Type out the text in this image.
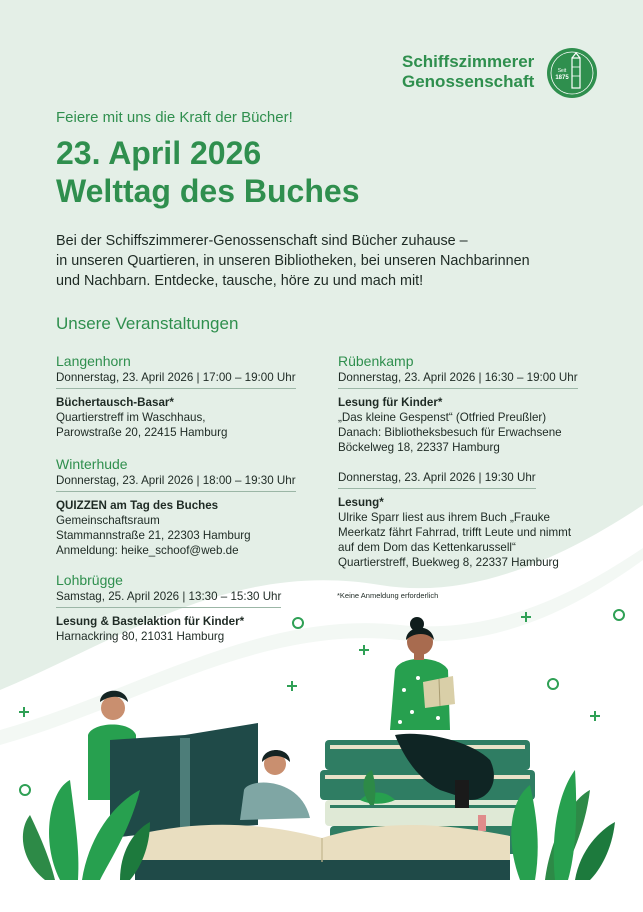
Schiffszimmerer
Genossenschaft
Seit
1875
Feiere mit uns die Kraft der Bücher!
23. April 2026
Welttag des Buches
Bei der Schiffszimmerer-Genossenschaft sind Bücher zuhause –
in unseren Quartieren, in unseren Bibliotheken, bei unseren Nachbarinnen
und Nachbarn. Entdecke, tausche, höre zu und mach mit!
Unsere Veranstaltungen
Langenhorn
Donnerstag, 23. April 2026 | 17:00 – 19:00 Uhr
Büchertausch-Basar*
Quartierstreff im Waschhaus,
Parowstraße 20, 22415 Hamburg
Winterhude
Donnerstag, 23. April 2026 | 18:00 – 19:30 Uhr
QUIZZEN am Tag des Buches
Gemeinschaftsraum
Stammannstraße 21, 22303 Hamburg
Anmeldung: heike_schoof@web.de
Lohbrügge
Samstag, 25. April 2026 | 13:30 – 15:30 Uhr
Lesung & Bastelaktion für Kinder*
Harnackring 80, 21031 Hamburg
Rübenkamp
Donnerstag, 23. April 2026 | 16:30 – 19:00 Uhr
Lesung für Kinder*
„Das kleine Gespenst“ (Otfried Preußler)
Danach: Bibliotheksbesuch für Erwachsene
Böckelweg 18, 22337 Hamburg
Donnerstag, 23. April 2026 | 19:30 Uhr
Lesung*
Ulrike Sparr liest aus ihrem Buch „Frauke
Meerkatz fährt Fahrrad, trifft Leute und nimmt
auf dem Dom das Kettenkarussell“
Quartierstreff, Buekweg 8, 22337 Hamburg
*Keine Anmeldung erforderlich
